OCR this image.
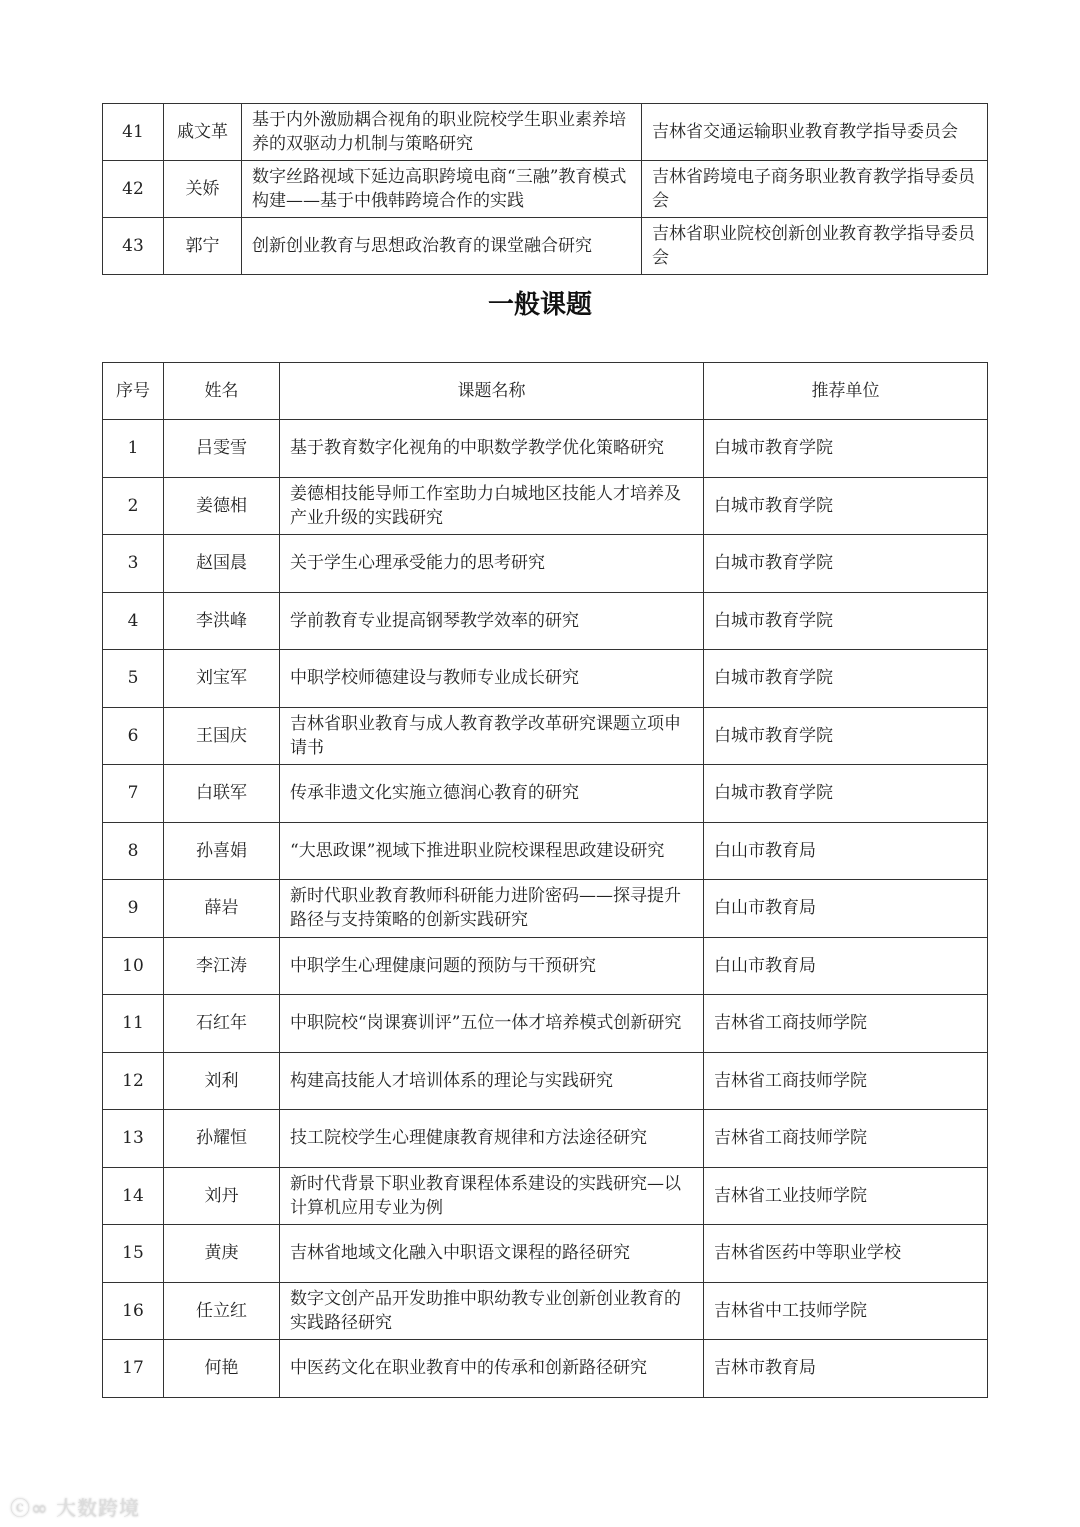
41	戚文革	基于内外激励耦合视角的职业院校学生职业素养培养的双驱动力机制与策略研究	吉林省交通运输职业教育教学指导委员会
42	关娇	数字丝路视域下延边高职跨境电商“三融”教育模式构建——基于中俄韩跨境合作的实践	吉林省跨境电子商务职业教育教学指导委员会
43	郭宁	创新创业教育与思想政治教育的课堂融合研究	吉林省职业院校创新创业教育教学指导委员会
一般课题
序号	姓名	课题名称	推荐单位
1	吕雯雪	基于教育数字化视角的中职数学教学优化策略研究	白城市教育学院
2	姜德相	姜德相技能导师工作室助力白城地区技能人才培养及产业升级的实践研究	白城市教育学院
3	赵国晨	关于学生心理承受能力的思考研究	白城市教育学院
4	李洪峰	学前教育专业提高钢琴教学效率的研究	白城市教育学院
5	刘宝军	中职学校师德建设与教师专业成长研究	白城市教育学院
6	王国庆	吉林省职业教育与成人教育教学改革研究课题立项申请书	白城市教育学院
7	白联军	传承非遗文化实施立德润心教育的研究	白城市教育学院
8	孙喜娟	“大思政课”视域下推进职业院校课程思政建设研究	白山市教育局
9	薛岩	新时代职业教育教师科研能力进阶密码——探寻提升路径与支持策略的创新实践研究	白山市教育局
10	李江涛	中职学生心理健康问题的预防与干预研究	白山市教育局
11	石红年	中职院校“岗课赛训评”五位一体才培养模式创新研究	吉林省工商技师学院
12	刘利	构建高技能人才培训体系的理论与实践研究	吉林省工商技师学院
13	孙耀恒	技工院校学生心理健康教育规律和方法途径研究	吉林省工商技师学院
14	刘丹	新时代背景下职业教育课程体系建设的实践研究—以计算机应用专业为例	吉林省工业技师学院
15	黄庚	吉林省地域文化融入中职语文课程的路径研究	吉林省医药中等职业学校
16	任立红	数字文创产品开发助推中职幼教专业创新创业教育的实践路径研究	吉林省中工技师学院
17	何艳	中医药文化在职业教育中的传承和创新路径研究	吉林市教育局
ⓒ∞ 大数跨境
